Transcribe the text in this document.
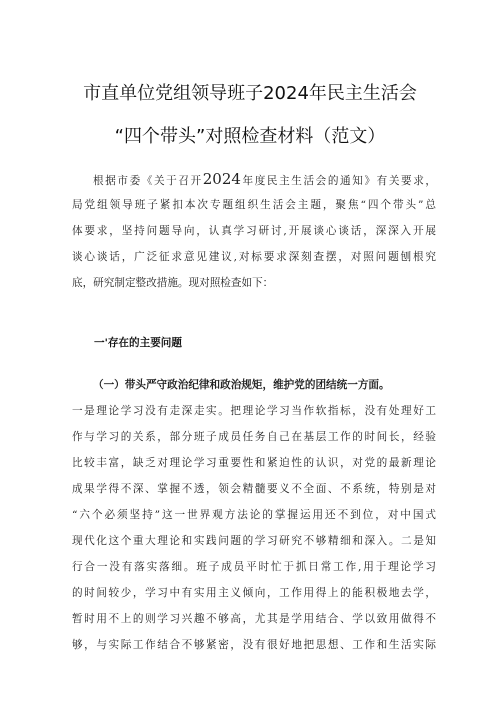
市直单位党组领导班子2024年民主生活会
“四个带头”对照检查材料（范文）
根据市委《关于召开2024年度民主生活会的通知》有关要求，
局党组领导班子紧扣本次专题组织生活会主题，聚焦“四个带头”总
体要求，坚持问题导向，认真学习研讨,开展谈心谈话，深深入开展
谈心谈话，广泛征求意见建议,对标要求深刻查摆，对照问题刨根究
底，研究制定整改措施。现对照检查如下：
一'存在的主要问题
（一）带头严守政治纪律和政治规矩，维护党的团结统一方面。
一是理论学习没有走深走实。把理论学习当作软指标，没有处理好工
作与学习的关系，部分班子成员任务自己在基层工作的时间长，经验
比较丰富，缺乏对理论学习重要性和紧迫性的认识，对党的最新理论
成果学得不深、掌握不透，领会精髓要义不全面、不系统，特别是对
“六个必须坚持”这一世界观方法论的掌握运用还不到位，对中国式
现代化这个重大理论和实践问题的学习研究不够精细和深入。二是知
行合一没有落实落细。班子成员平时忙于抓日常工作,用于理论学习
的时间较少，学习中有实用主义倾向，工作用得上的能积极地去学，
暂时用不上的则学习兴趣不够高，尤其是学用结合、学以致用做得不
够，与实际工作结合不够紧密，没有很好地把思想、工作和生活实际
